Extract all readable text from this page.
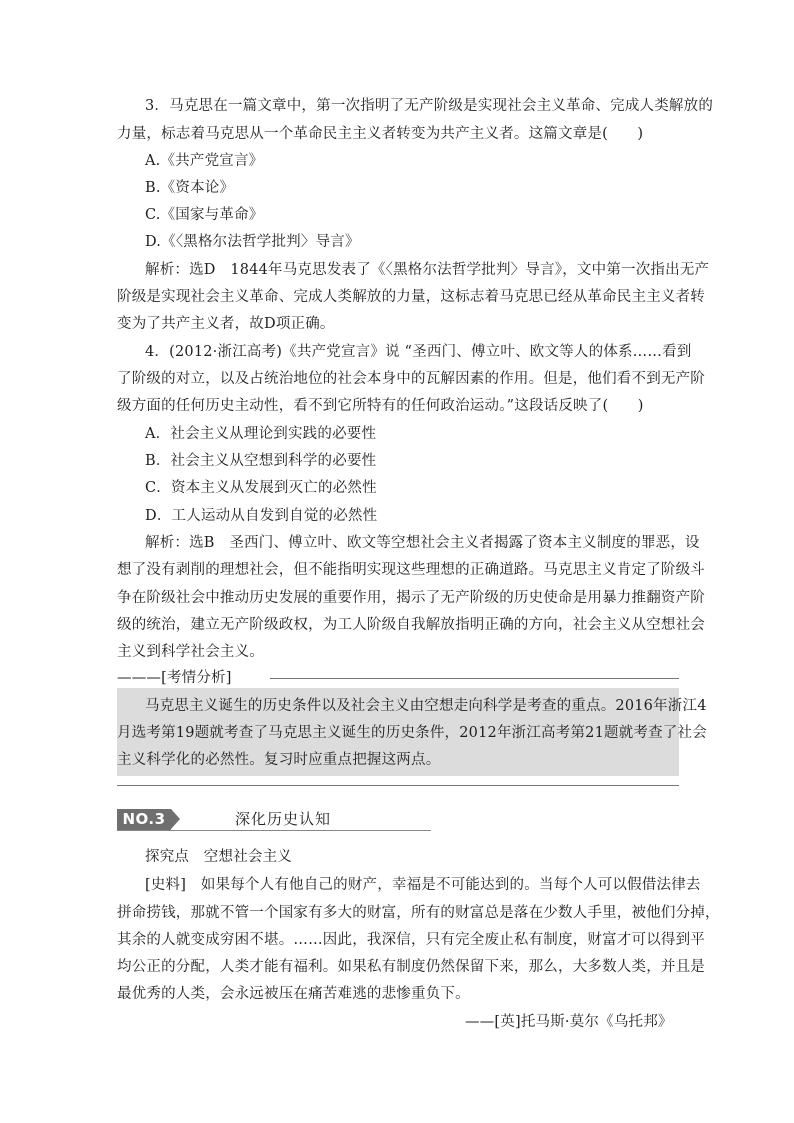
3．马克思在一篇文章中，第一次指明了无产阶级是实现社会主义革命、完成人类解放的
力量，标志着马克思从一个革命民主主义者转变为共产主义者。这篇文章是(　　)
A.《共产党宣言》
B.《资本论》
C.《国家与革命》
D.《〈黑格尔法哲学批判〉导言》
解析：选D　1844年马克思发表了《〈黑格尔法哲学批判〉导言》，文中第一次指出无产
阶级是实现社会主义革命、完成人类解放的力量，这标志着马克思已经从革命民主主义者转
变为了共产主义者，故D项正确。
4．(2012·浙江高考)《共产党宣言》说 “圣西门、傅立叶、欧文等人的体系……看到
了阶级的对立，以及占统治地位的社会本身中的瓦解因素的作用。但是，他们看不到无产阶
级方面的任何历史主动性，看不到它所特有的任何政治运动。”这段话反映了(　　)
A．社会主义从理论到实践的必要性
B．社会主义从空想到科学的必要性
C．资本主义从发展到灭亡的必然性
D．工人运动从自发到自觉的必然性
解析：选B　圣西门、傅立叶、欧文等空想社会主义者揭露了资本主义制度的罪恶，设
想了没有剥削的理想社会，但不能指明实现这些理想的正确道路。马克思主义肯定了阶级斗
争在阶级社会中推动历史发展的重要作用，揭示了无产阶级的历史使命是用暴力推翻资产阶
级的统治，建立无产阶级政权，为工人阶级自我解放指明正确的方向，社会主义从空想社会
主义到科学社会主义。
———[考情分析]
马克思主义诞生的历史条件以及社会主义由空想走向科学是考查的重点。2016年浙江4
月选考第19题就考查了马克思主义诞生的历史条件，2012年浙江高考第21题就考查了社会
主义科学化的必然性。复习时应重点把握这两点。
NO.3	深化历史认知
探究点　空想社会主义
[史料]　如果每个人有他自己的财产，幸福是不可能达到的。当每个人可以假借法律去
拼命捞钱，那就不管一个国家有多大的财富，所有的财富总是落在少数人手里，被他们分掉，
其余的人就变成穷困不堪。……因此，我深信，只有完全废止私有制度，财富才可以得到平
均公正的分配，人类才能有福利。如果私有制度仍然保留下来，那么，大多数人类，并且是
最优秀的人类，会永远被压在痛苦难逃的悲惨重负下。
——[英]托马斯·莫尔《乌托邦》
